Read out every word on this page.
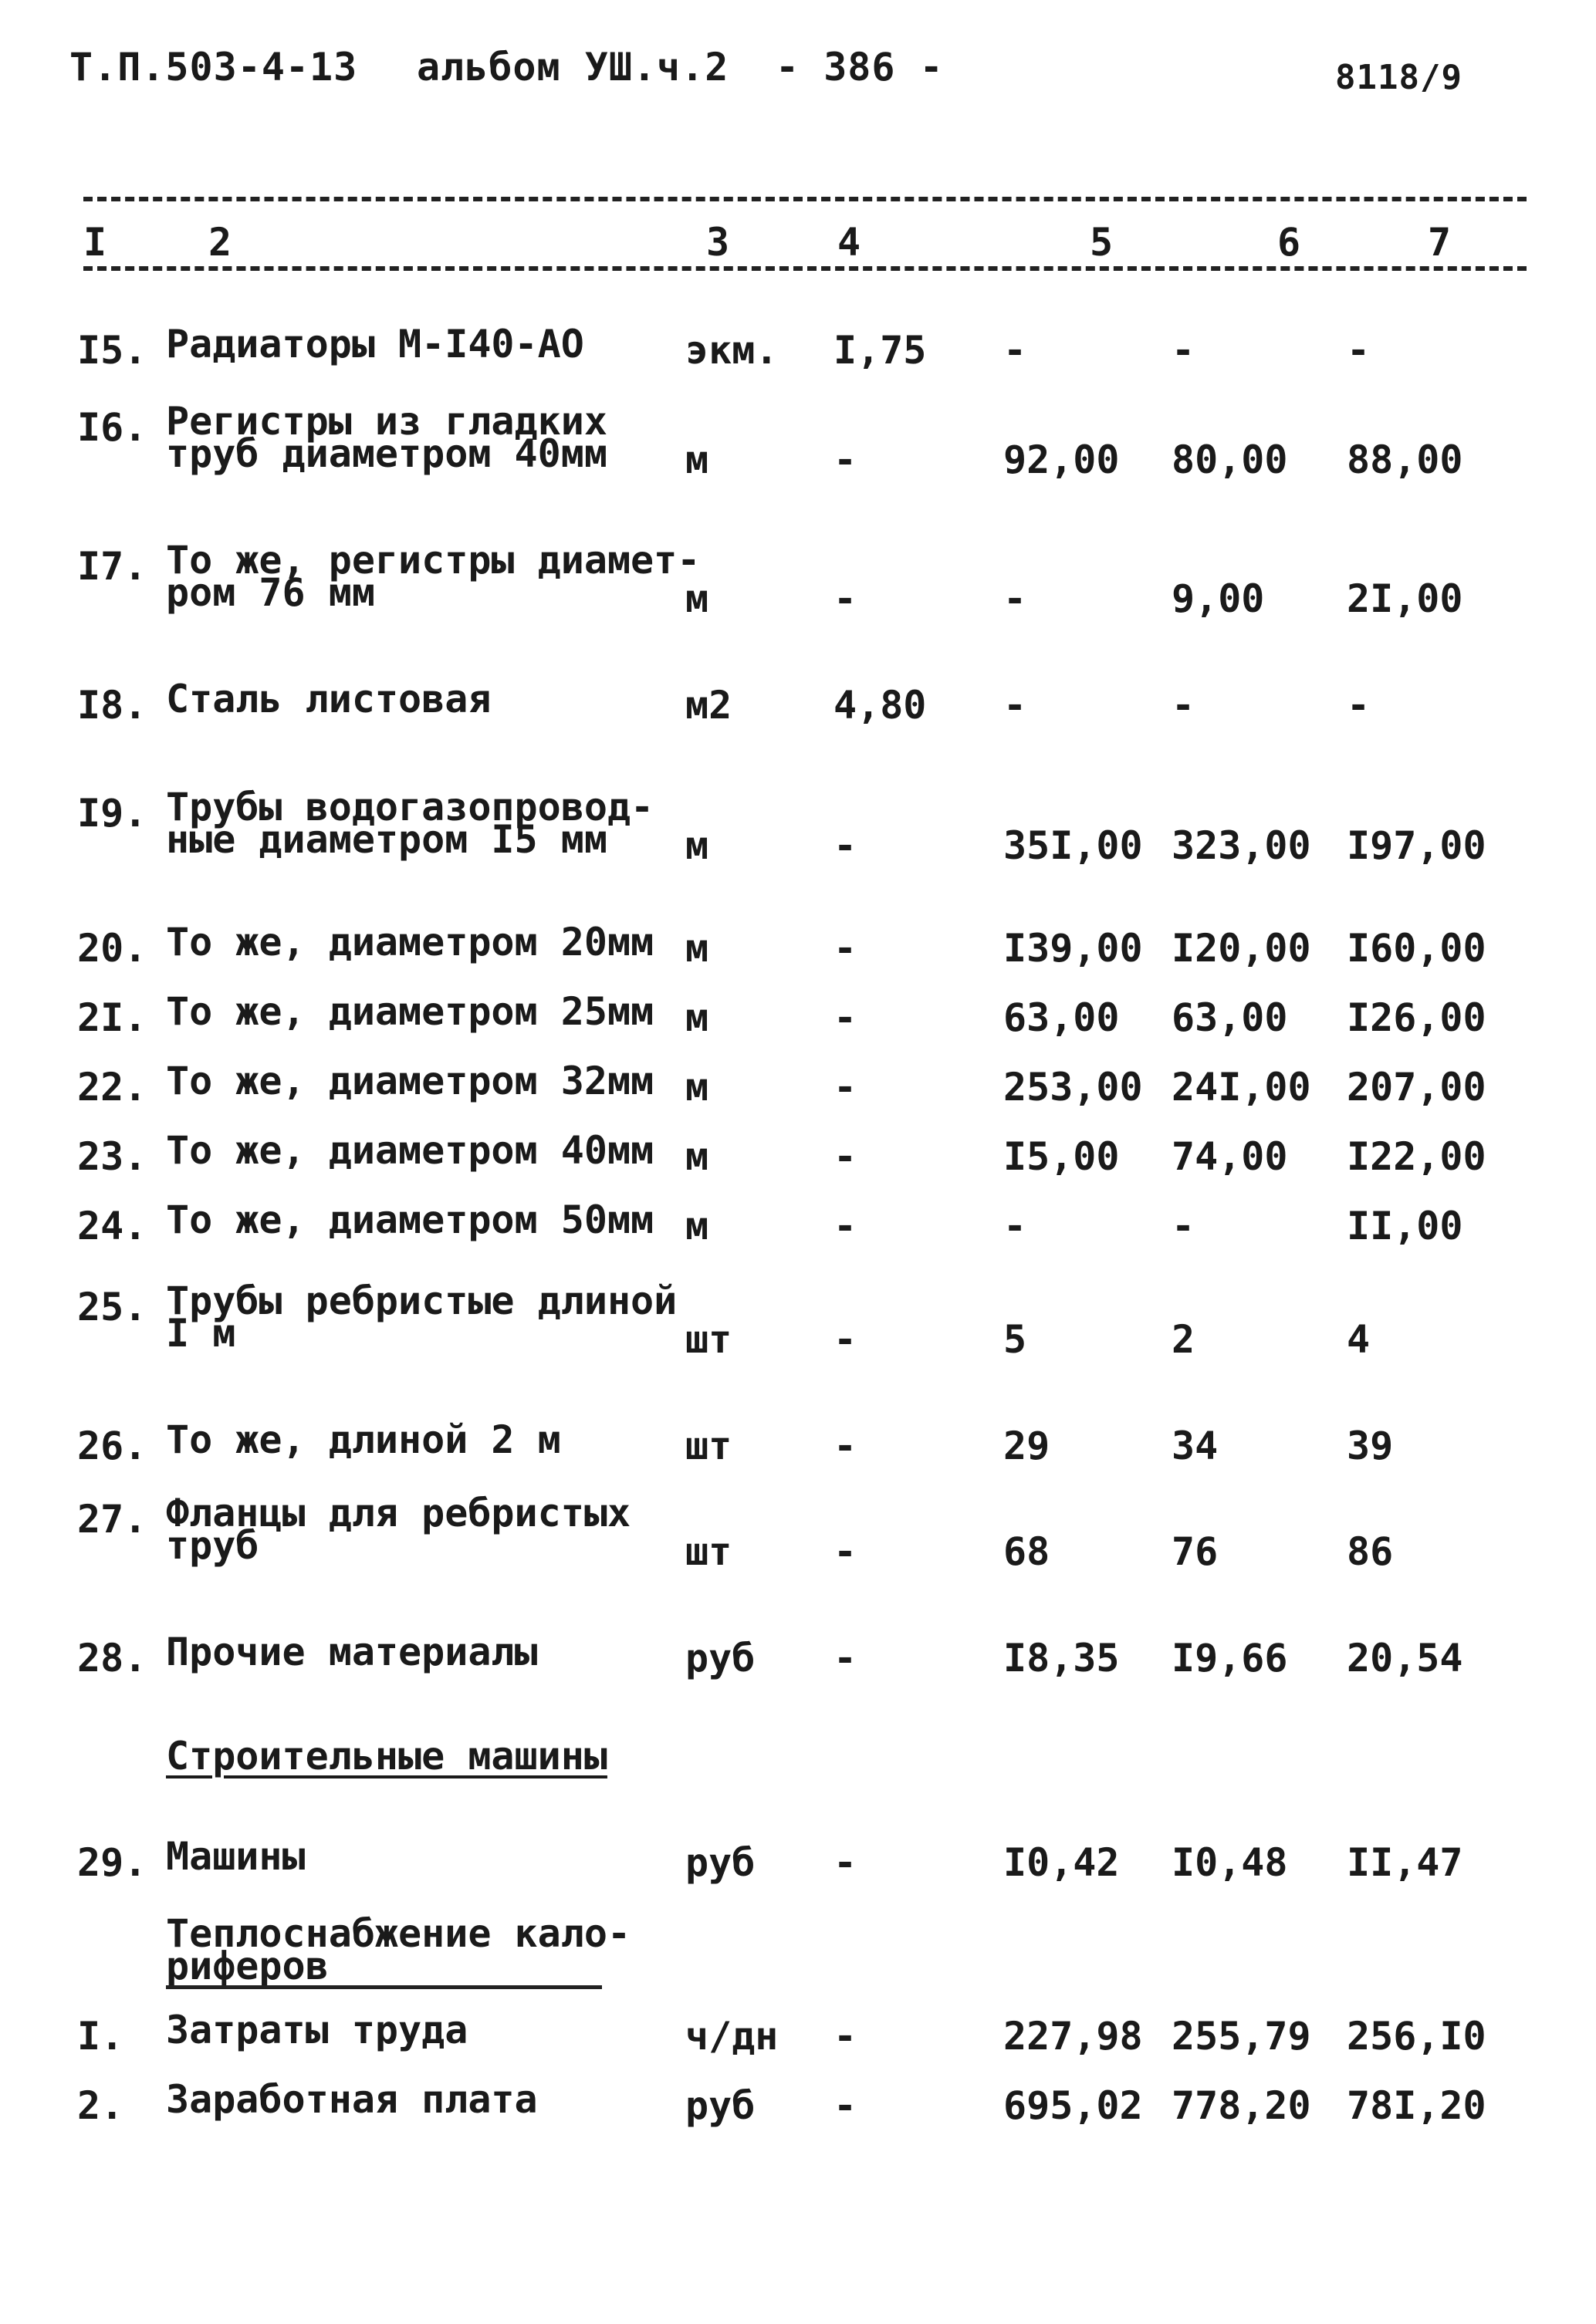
Т.П.503-4-13 альбом УШ.ч.2 - 386 -	8118/9
I	2	3	4	5	6	7
I5. Радиаторы М-I40-АО	экм. I,75 -	-	-
I6. Регистры из гладких
труб диаметром 40мм м	-	92,00 80,00 88,00
I7. То же, регистры диамет-
ром 76 мм	м	-	-	9,00 2I,00
I8. Сталь листовая	м2	4,80 -	-	-
I9. Трубы водогазопровод-
ные диаметром I5 мм	м	-	35I,00 323,00 I97,00
20. То же, диаметром 20мм м	-	I39,00 I20,00 I60,00
2I. То же, диаметром 25мм м	-	63,00 63,00 I26,00
22. То же, диаметром 32мм м	-	253,00 24I,00 207,00
23. То же, диаметром 40мм м	-	I5,00 74,00 I22,00
24. То же, диаметром 50мм м	-	-	-	II,00
25. Трубы ребристые длиной
I м	шт	-	5	2	4
26. То же, длиной 2 м	шт	-	29	34	39
27. Фланцы для ребристых
труб	шт	-	68	76	86
28. Прочие материалы	руб -	I8,35 I9,66 20,54
Строительные машины
29. Машины	руб -	I0,42 I0,48 II,47
Теплоснабжение кало-
риферов
I. Затраты труда	ч/дн -	227,98 255,79 256,I0
2. Заработная плата	руб -	695,02 778,20 78I,20
